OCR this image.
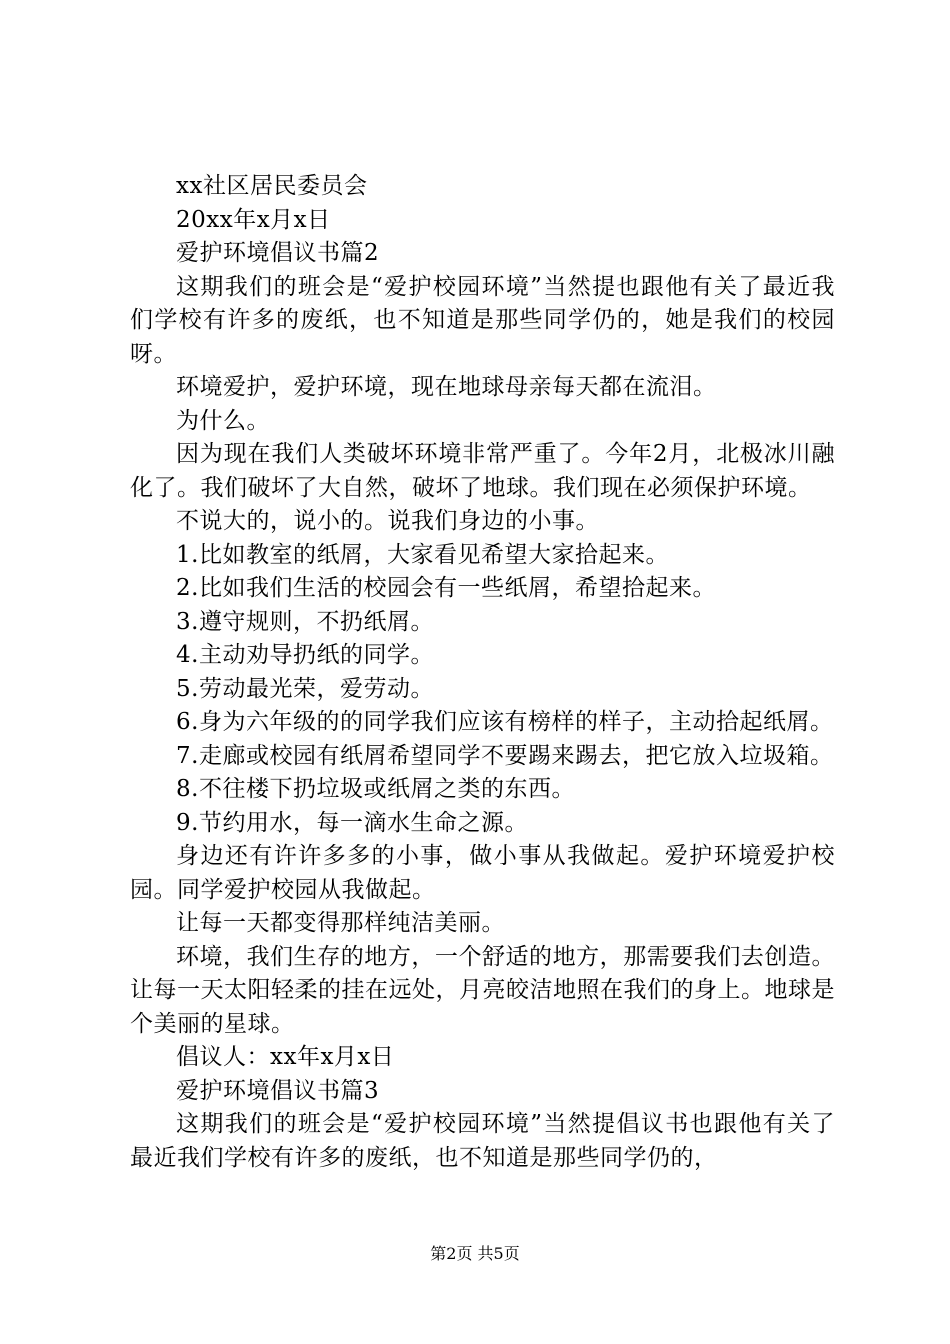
xx社区居民委员会

20xx年x月x日

爱护环境倡议书篇2

这期我们的班会是“爱护校园环境”当然提也跟他有关了最近我们学校有许多的废纸，也不知道是那些同学仍的，她是我们的校园呀。

环境爱护，爱护环境，现在地球母亲每天都在流泪。

为什么。

因为现在我们人类破坏环境非常严重了。今年2月，北极冰川融化了。我们破坏了大自然，破坏了地球。我们现在必须保护环境。

不说大的，说小的。说我们身边的小事。

1.比如教室的纸屑，大家看见希望大家拾起来。

2.比如我们生活的校园会有一些纸屑，希望拾起来。

3.遵守规则，不扔纸屑。

4.主动劝导扔纸的同学。

5.劳动最光荣，爱劳动。

6.身为六年级的的同学我们应该有榜样的样子，主动拾起纸屑。

7.走廊或校园有纸屑希望同学不要踢来踢去，把它放入垃圾箱。

8.不往楼下扔垃圾或纸屑之类的东西。

9.节约用水，每一滴水生命之源。

身边还有许许多多的小事，做小事从我做起。爱护环境爱护校园。同学爱护校园从我做起。

让每一天都变得那样纯洁美丽。

环境，我们生存的地方，一个舒适的地方，那需要我们去创造。让每一天太阳轻柔的挂在远处，月亮皎洁地照在我们的身上。地球是个美丽的星球。

倡议人：xx年x月x日

爱护环境倡议书篇3

这期我们的班会是“爱护校园环境”当然提倡议书也跟他有关了最近我们学校有许多的废纸，也不知道是那些同学仍的，

第2页 共5页
